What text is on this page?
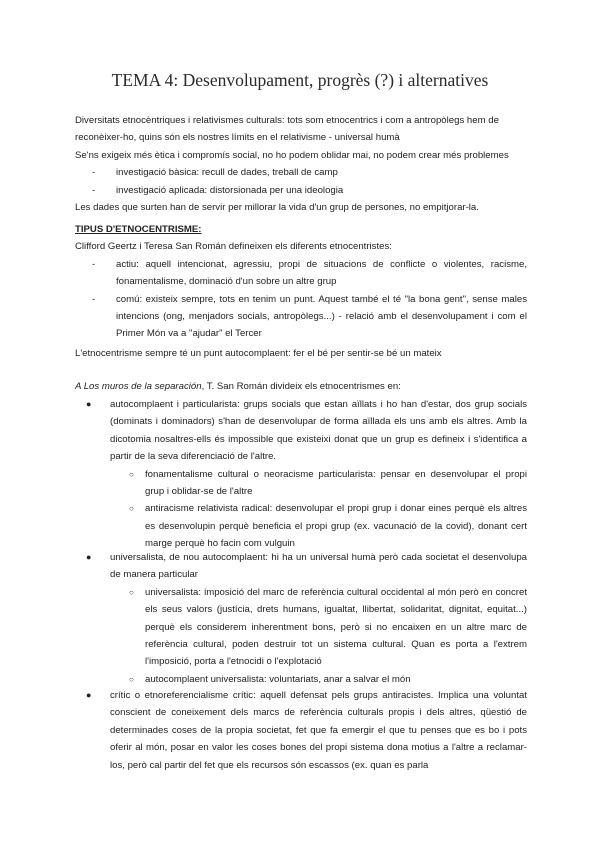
TEMA 4: Desenvolupament, progrès (?) i alternatives
Diversitats etnocèntriques i relativismes culturals: tots som etnocentrics i com a antropòlegs hem de
reconèixer-ho, quins són els nostres límits en el relativisme - universal humà
Se'ns exigeix més ètica i compromís social, no ho podem oblidar mai, no podem crear més problemes
- investigació bàsica: recull de dades, treball de camp
- investigació aplicada: distorsionada per una ideologia
Les dades que surten han de servir per millorar la vida d'un grup de persones, no empitjorar-la.
TIPUS D'ETNOCENTRISME:
Clifford Geertz i Teresa San Román defineixen els diferents etnocentristes:
- actiu: aquell intencionat, agressiu, propi de situacions de conflicte o violentes, racisme, fonamentalisme, dominació d'un sobre un altre grup
- comú: existeix sempre, tots en tenim un punt. Aquest també el té "la bona gent", sense males intencions (ong, menjadors socials, antropòlegs...) - relació amb el desenvolupament i com el Primer Món va a "ajudar" el Tercer
L'etnocentrisme sempre té un punt autocomplaent: fer el bé per sentir-se bé un mateix
A Los muros de la separación, T. San Román divideix els etnocentrismes en:
● autocomplaent i particularista: grups socials que estan aïllats i ho han d'estar, dos grup socials (dominats i dominadors) s'han de desenvolupar de forma aïllada els uns amb els altres. Amb la dicotomia nosaltres-ells és impossible que existeixi donat que un grup es defineix i s'identifica a partir de la seva diferenciació de l'altre.
○ fonamentalisme cultural o neoracisme particularista: pensar en desenvolupar el propi grup i oblidar-se de l'altre
○ antiracisme relativista radical: desenvolupar el propi grup i donar eines perquè els altres es desenvolupin perquè beneficia el propi grup (ex. vacunació de la covid), donant cert marge perquè ho facin com vulguin
● universalista, de nou autocomplaent: hi ha un universal humà però cada societat el desenvolupa de manera particular
○ universalista: imposició del marc de referència cultural occidental al món però en concret els seus valors (justícia, drets humans, igualtat, llibertat, solidaritat, dignitat, equitat...) perquè els considerem inherentment bons, però si no encaixen en un altre marc de referència cultural, poden destruir tot un sistema cultural. Quan es porta a l'extrem l'imposició, porta a l'etnocidi o l'explotació
○ autocomplaent universalista: voluntariats, anar a salvar el món
● crític o etnoreferencialisme crític: aquell defensat pels grups antiracistes. Implica una voluntat conscient de coneixement dels marcs de referència culturals propis i dels altres, qüestió de determinades coses de la propia societat, fet que fa emergir el que tu penses que es bo i pots oferir al món, posar en valor les coses bones del propi sistema dona motius a l'altre a reclamar-los, però cal partir del fet que els recursos són escassos (ex. quan es parla
